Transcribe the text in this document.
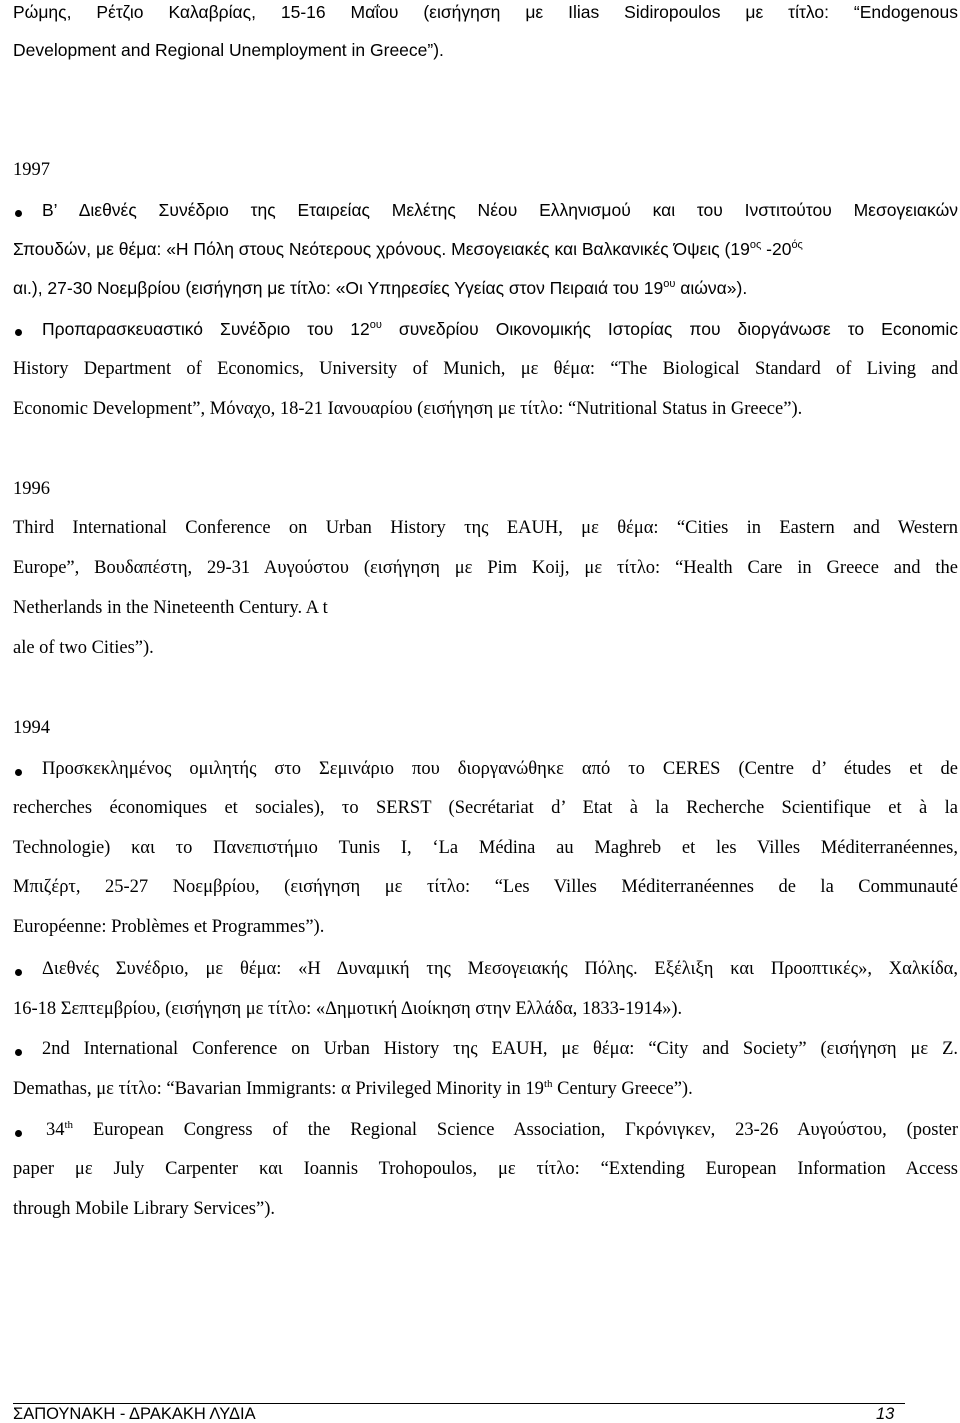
Ρώμης, Ρέτζιο Καλαβρίας, 15-16 Μαΐου (εισήγηση με Ilias Sidiropoulos με τίτλο: “Endogenous

Development and Regional Unemployment in Greece”).

1997

B’ Διεθνές Συνέδριο της Εταιρείας Μελέτης Νέου Ελληνισμού και του Ινστιτούτου Μεσογειακών

Σπουδών, με θέμα: «Η Πόλη στους Νεότερους χρόνους. Μεσογειακές και Βαλκανικές Όψεις ($19^{o\varsigma}$ $-20^{ό\varsigma}$

αι.), 27-30 Νοεμβρίου (εισήγηση με τίτλο: «Οι Υπηρεσίες Υγείας στον Πειραιά του $19^{o\upsilon}$ αιώνα»).

Προπαρασκευαστικό Συνέδριο του $12^{o\upsilon}$ συνεδρίου Οικονομικής Ιστορίας που διοργάνωσε το Economic

History Department of Economics, University of Munich, με θέμα: “The Biological Standard of Living and

Economic Development”, Μόναχο, 18-21 Ιανουαρίου (εισήγηση με τίτλο: “Nutritional Status in Greece”).

1996

Third International Conference on Urban History της EAUH, με θέμα: “Cities in Eastern and Western

Europe”, Βουδαπέστη, 29-31 Αυγούστου (εισήγηση με Pim Koij, με τίτλο: “Health Care in Greece and the

Netherlands in the Nineteenth Century. A t

ale of two Cities”).

1994

Προσκεκλημένος ομιλητής στο Σεμινάριο που διοργανώθηκε από το CERES (Centre d’ études et de

recherches économiques et sociales), το SERST (Secrétariat d’ Etat à la Recherche Scientifique et à la

Technologie) και το Πανεπιστήμιο Tunis I, ‘La Médina au Maghreb et les Villes Méditerranéennes,

Μπιζέρτ, 25-27 Νοεμβρίου, (εισήγηση με τίτλο: “Les Villes Méditerranéennes de la Communauté

Européenne: Problèmes et Programmes”).

Διεθνές Συνέδριο, με θέμα: «Η Δυναμική της Μεσογειακής Πόλης. Εξέλιξη και Προοπτικές», Χαλκίδα,

16-18 Σεπτεμβρίου, (εισήγηση με τίτλο: «Δημοτική Διοίκηση στην Ελλάδα, 1833-1914»).

2nd International Conference on Urban History της EAUH, με θέμα: “City and Society” (εισήγηση με Z.

Demathas, με τίτλο: “Bavarian Immigrants: α Privileged Minority in 19th Century Greece”).

34th European Congress of the Regional Science Association, Γκρόνιγκεν, 23-26 Αυγούστου, (poster

paper με July Carpenter και Ioannis Trohopoulos, με τίτλο: “Extending European Information Access

through Mobile Library Services”).

ΣΑΠΟΥΝΑΚΗ - ΔΡΑΚΑΚΗ ΛΥΔΙΑ	13
